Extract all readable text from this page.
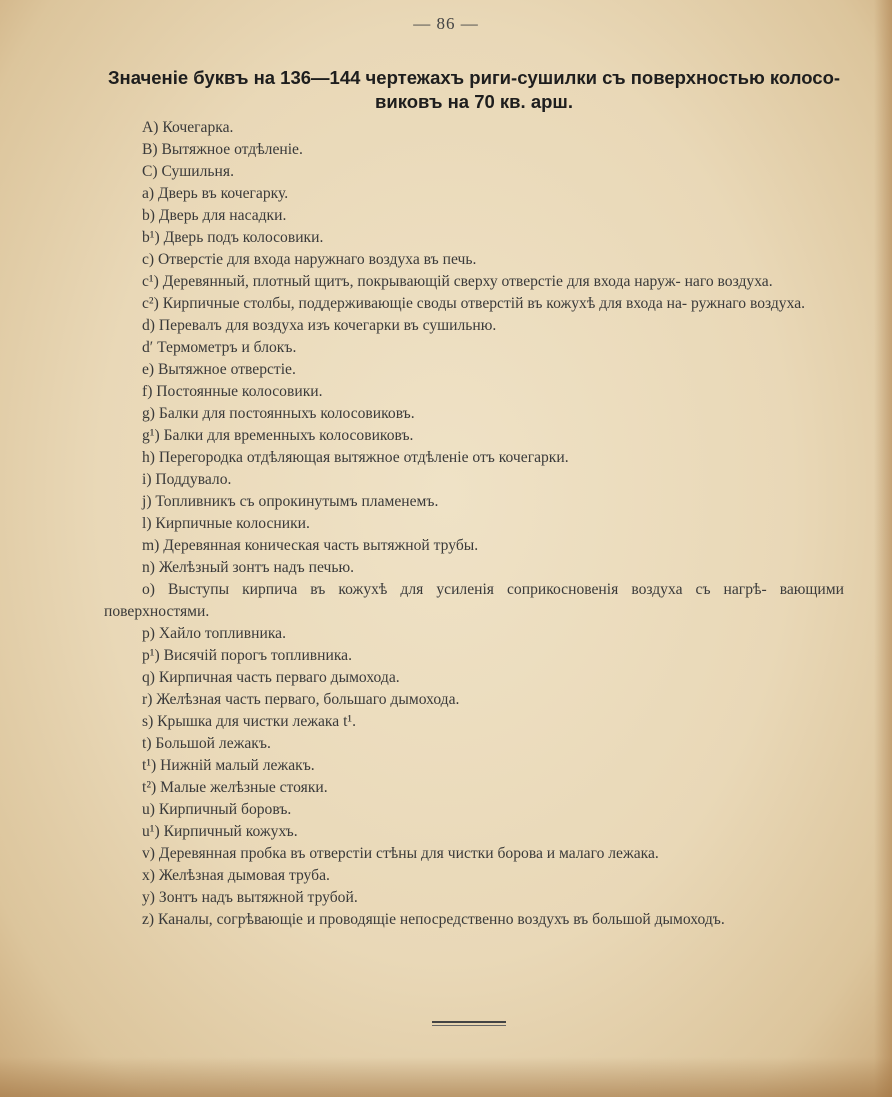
— 86 —
Значеніе буквъ на 136—144 чертежахъ риги-сушилки съ поверхностью колосо- виковъ на 70 кв. арш.

A) Кочегарка.

B) Вытяжное отдѣленіе.

C) Сушильня.

a) Дверь въ кочегарку.

b) Дверь для насадки.

b¹) Дверь подъ колосовики.

c) Отверстіе для входа наружнаго воздуха въ печь.

c¹) Деревянный, плотный щитъ, покрывающій сверху отверстіе для входа наруж- наго воздуха.

c²) Кирпичные столбы, поддерживающіе своды отверстій въ кожухѣ для входа на- ружнаго воздуха.

d) Перевалъ для воздуха изъ кочегарки въ сушильню.

d′ Термометръ и блокъ.

e) Вытяжное отверстіе.

f) Постоянные колосовики.

g) Балки для постоянныхъ колосовиковъ.

g¹) Балки для временныхъ колосовиковъ.

h) Перегородка отдѣляющая вытяжное отдѣленіе отъ кочегарки.

i) Поддувало.

j) Топливникъ съ опрокинутымъ пламенемъ.

l) Кирпичные колосники.

m) Деревянная коническая часть вытяжной трубы.

n) Желѣзный зонтъ надъ печью.

o) Выступы кирпича въ кожухѣ для усиленія соприкосновенія воздуха съ нагрѣ- вающими поверхностями.

p) Хайло топливника.

p¹) Висячій порогъ топливника.

q) Кирпичная часть перваго дымохода.

r) Желѣзная часть перваго, большаго дымохода.

s) Крышка для чистки лежака t¹.

t) Большой лежакъ.

t¹) Нижній малый лежакъ.

t²) Малые желѣзные стояки.

u) Кирпичный боровъ.

u¹) Кирпичный кожухъ.

v) Деревянная пробка въ отверстіи стѣны для чистки борова и малаго лежака.

x) Желѣзная дымовая труба.

y) Зонтъ надъ вытяжной трубой.

z) Каналы, согрѣвающіе и проводящіе непосредственно воздухъ въ большой дымоходъ.
